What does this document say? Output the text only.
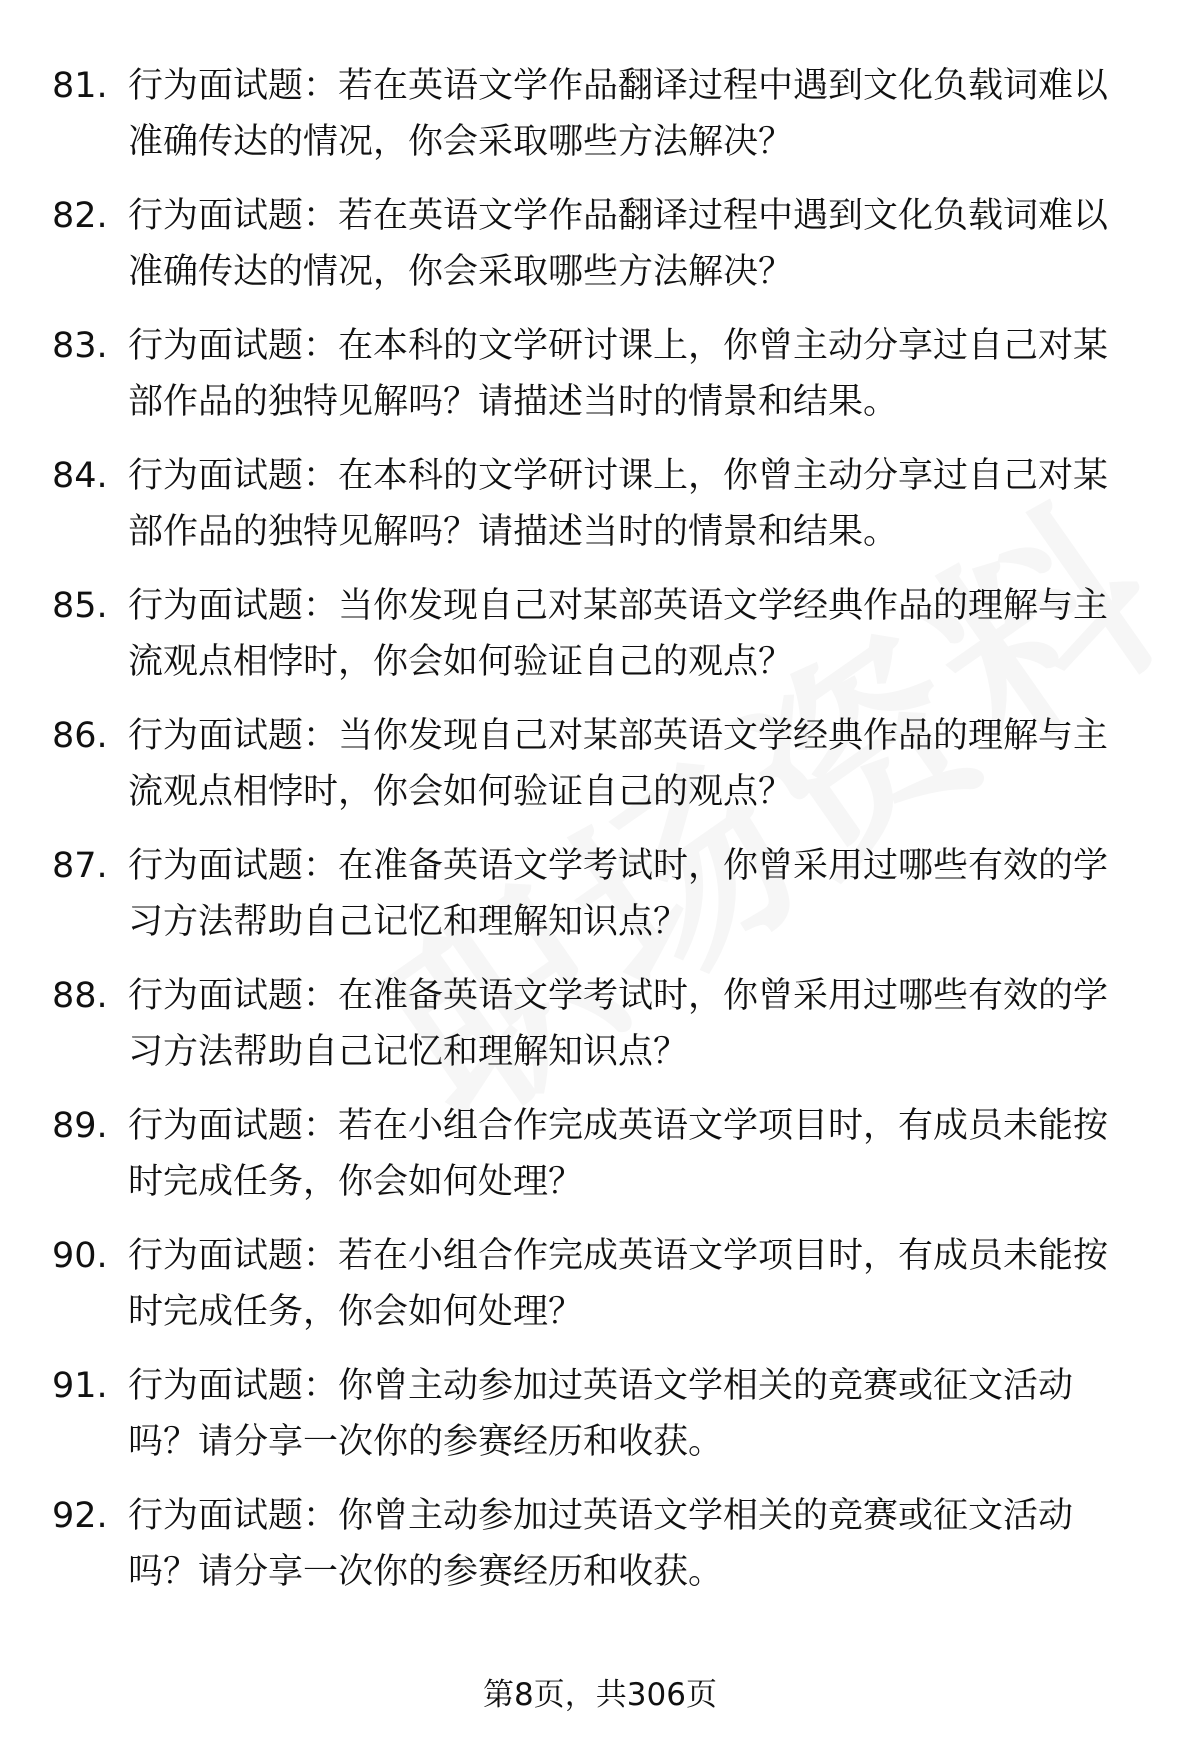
81. 行为面试题：若在英语文学作品翻译过程中遇到文化负载词难以
准确传达的情况，你会采取哪些方法解决？
82. 行为面试题：若在英语文学作品翻译过程中遇到文化负载词难以
准确传达的情况，你会采取哪些方法解决？
83. 行为面试题：在本科的文学研讨课上，你曾主动分享过自己对某
部作品的独特见解吗？请描述当时的情景和结果。
84. 行为面试题：在本科的文学研讨课上，你曾主动分享过自己对某
部作品的独特见解吗？请描述当时的情景和结果。
85. 行为面试题：当你发现自己对某部英语文学经典作品的理解与主
流观点相悖时，你会如何验证自己的观点？
86. 行为面试题：当你发现自己对某部英语文学经典作品的理解与主
流观点相悖时，你会如何验证自己的观点？
87. 行为面试题：在准备英语文学考试时，你曾采用过哪些有效的学
习方法帮助自己记忆和理解知识点？
88. 行为面试题：在准备英语文学考试时，你曾采用过哪些有效的学
习方法帮助自己记忆和理解知识点？
89. 行为面试题：若在小组合作完成英语文学项目时，有成员未能按
时完成任务，你会如何处理？
90. 行为面试题：若在小组合作完成英语文学项目时，有成员未能按
时完成任务，你会如何处理？
91. 行为面试题：你曾主动参加过英语文学相关的竞赛或征文活动
吗？请分享一次你的参赛经历和收获。
92. 行为面试题：你曾主动参加过英语文学相关的竞赛或征文活动
吗？请分享一次你的参赛经历和收获。
第8页，共306页
